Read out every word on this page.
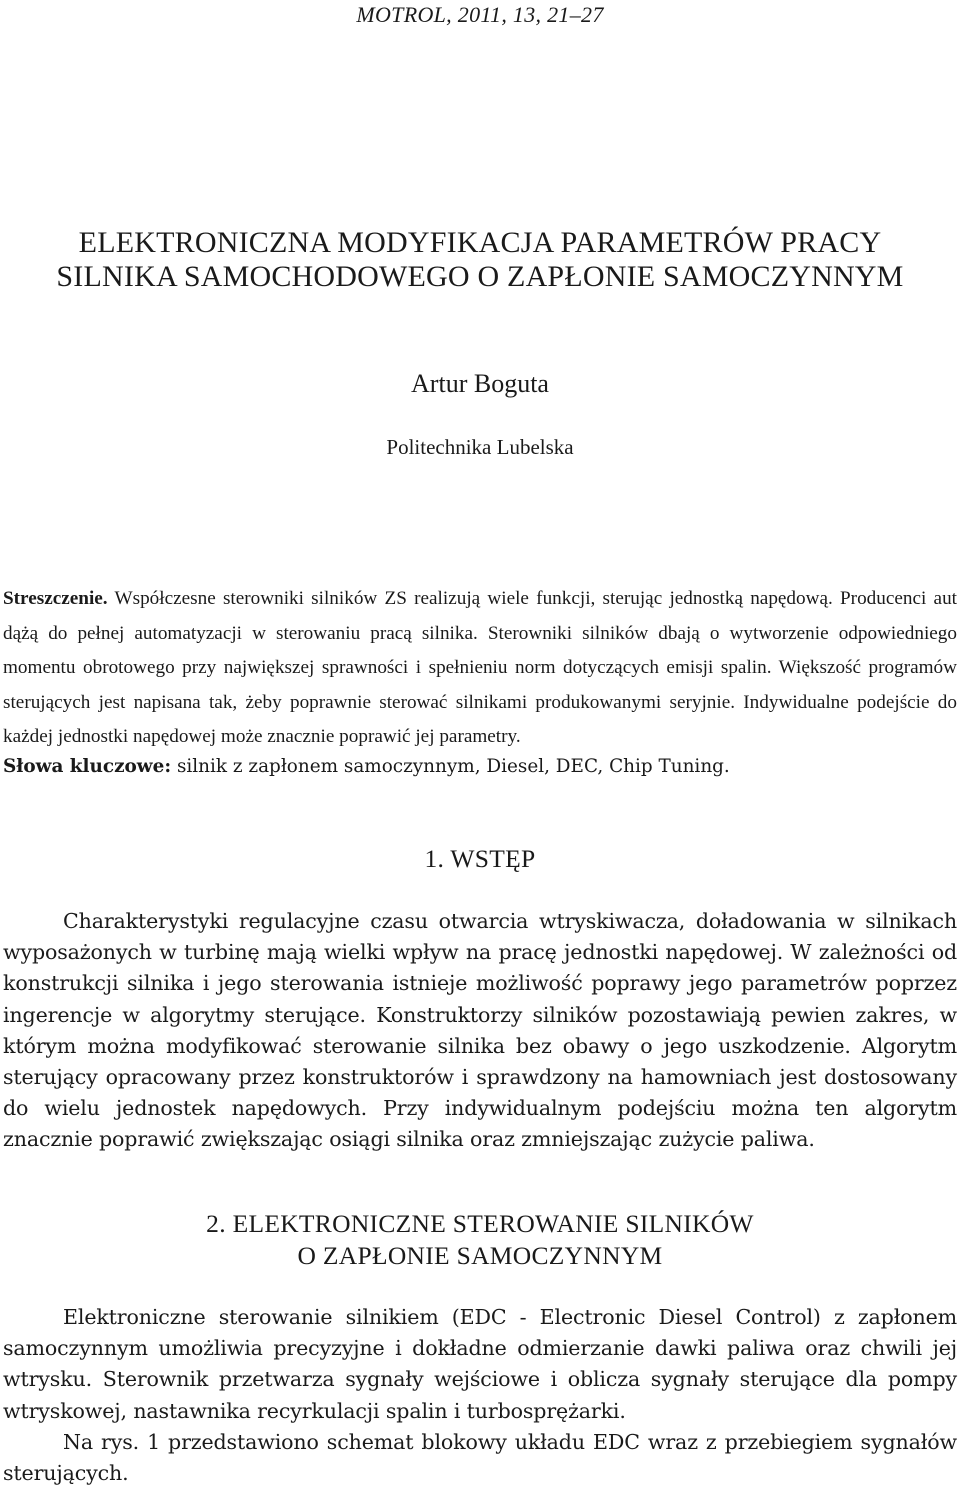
MOTROL, 2011, 13, 21–27
ELEKTRONICZNA MODYFIKACJA PARAMETRÓW PRACY
SILNIKA SAMOCHODOWEGO O ZAPŁONIE SAMOCZYNNYM
Artur Boguta
Politechnika Lubelska
Streszczenie. Współczesne sterowniki silników ZS realizują wiele funkcji, sterując jednostką napędową. Producenci aut dążą do pełnej automatyzacji w sterowaniu pracą silnika. Sterowniki silników dbają o wytworzenie odpowiedniego momentu obrotowego przy największej sprawności i spełnieniu norm dotyczących emisji spalin. Większość programów sterujących jest napisana tak, żeby poprawnie sterować silnikami produkowanymi seryjnie. Indywidualne podejście do każdej jednostki napędowej może znacznie poprawić jej parametry.
Słowa kluczowe: silnik z zapłonem samoczynnym, Diesel, DEC, Chip Tuning.
1. WSTĘP

Charakterystyki regulacyjne czasu otwarcia wtryskiwacza, doładowania w silnikach wyposażonych w turbinę mają wielki wpływ na pracę jednostki napędowej. W zależności od konstrukcji silnika i jego sterowania istnieje możliwość poprawy jego parametrów poprzez ingerencje w algorytmy sterujące. Konstruktorzy silników pozostawiają pewien zakres, w którym można modyfikować sterowanie silnika bez obawy o jego uszkodzenie. Algorytm sterujący opracowany przez konstruktorów i sprawdzony na hamowniach jest dostosowany do wielu jednostek napędowych. Przy indywidualnym podejściu można ten algorytm znacznie poprawić zwiększając osiągi silnika oraz zmniejszając zużycie paliwa.

2. ELEKTRONICZNE STEROWANIE SILNIKÓW
O ZAPŁONIE SAMOCZYNNYM

Elektroniczne sterowanie silnikiem (EDC - Electronic Diesel Control) z zapłonem samoczynnym umożliwia precyzyjne i dokładne odmierzanie dawki paliwa oraz chwili jej wtrysku. Sterownik przetwarza sygnały wejściowe i oblicza sygnały sterujące dla pompy wtryskowej, nastawnika recyrkulacji spalin i turbosprężarki.

Na rys. 1 przedstawiono schemat blokowy układu EDC wraz z przebiegiem sygnałów sterujących.
